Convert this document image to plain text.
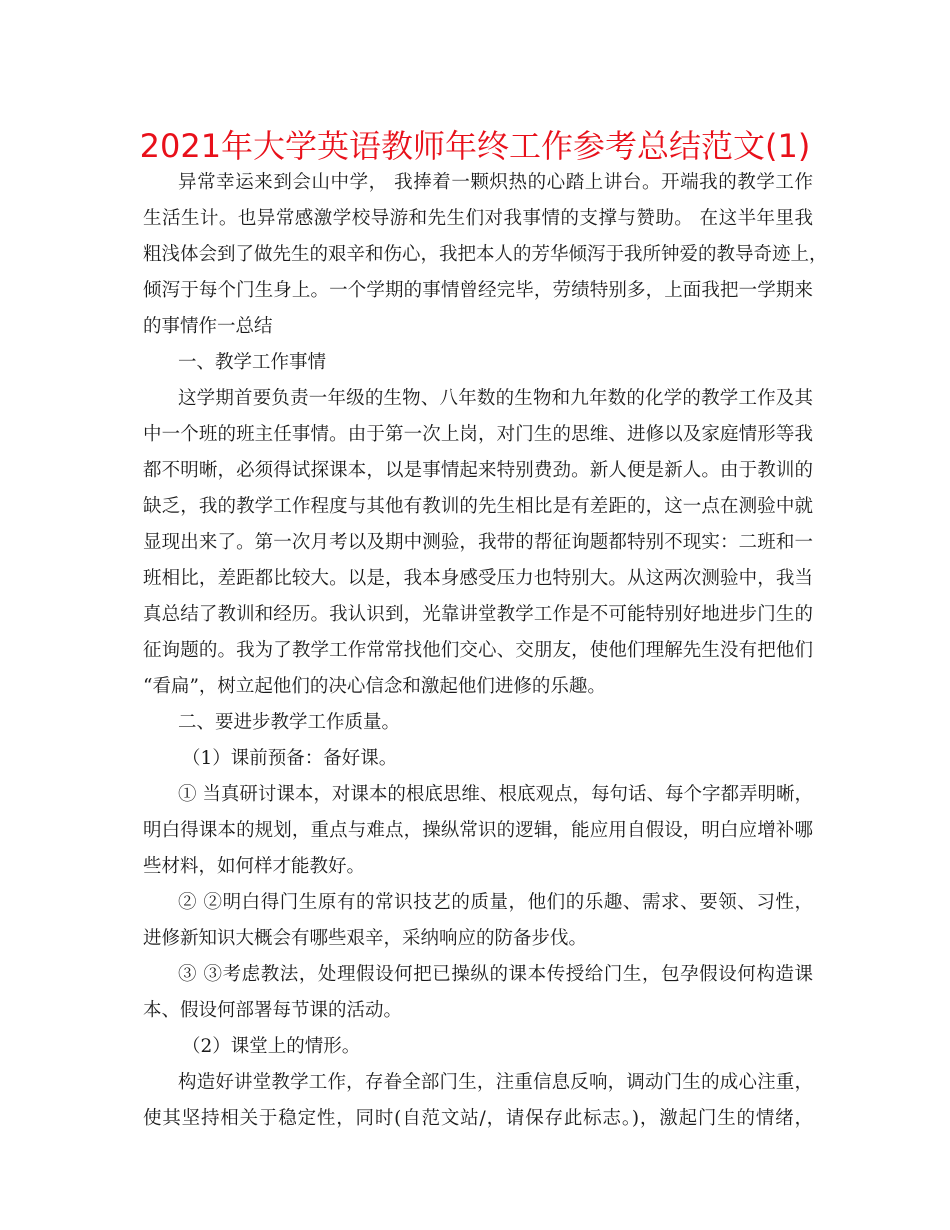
2021年大学英语教师年终工作参考总结范文(1)
异常幸运来到会山中学， 我捧着一颗炽热的心踏上讲台。开端我的教学工作
生活生计。也异常感激学校导游和先生们对我事情的支撑与赞助。 在这半年里我
粗浅体会到了做先生的艰辛和伤心，我把本人的芳华倾泻于我所钟爱的教导奇迹上，
倾泻于每个门生身上。一个学期的事情曾经完毕，劳绩特别多，上面我把一学期来
的事情作一总结
一、教学工作事情
这学期首要负责一年级的生物、八年数的生物和九年数的化学的教学工作及其
中一个班的班主任事情。由于第一次上岗，对门生的思维、进修以及家庭情形等我
都不明晰，必须得试探课本，以是事情起来特别费劲。新人便是新人。由于教训的
缺乏，我的教学工作程度与其他有教训的先生相比是有差距的，这一点在测验中就
显现出来了。第一次月考以及期中测验，我带的帮征询题都特别不现实：二班和一
班相比，差距都比较大。以是，我本身感受压力也特别大。从这两次测验中，我当
真总结了教训和经历。我认识到，光靠讲堂教学工作是不可能特别好地进步门生的
征询题的。我为了教学工作常常找他们交心、交朋友，使他们理解先生没有把他们
“看扁”，树立起他们的决心信念和激起他们进修的乐趣。
二、要进步教学工作质量。
（1）课前预备：备好课。
① 当真研讨课本，对课本的根底思维、根底观点，每句话、每个字都弄明晰，
明白得课本的规划，重点与难点，操纵常识的逻辑，能应用自假设，明白应增补哪
些材料，如何样才能教好。
② ②明白得门生原有的常识技艺的质量，他们的乐趣、需求、要领、习性，
进修新知识大概会有哪些艰辛，采纳响应的防备步伐。
③ ③考虑教法，处理假设何把已操纵的课本传授给门生，包孕假设何构造课
本、假设何部署每节课的活动。
（2）课堂上的情形。
构造好讲堂教学工作，存眷全部门生，注重信息反响，调动门生的成心注重，
使其坚持相关于稳定性，同时(自范文站/，请保存此标志。)，激起门生的情绪，
